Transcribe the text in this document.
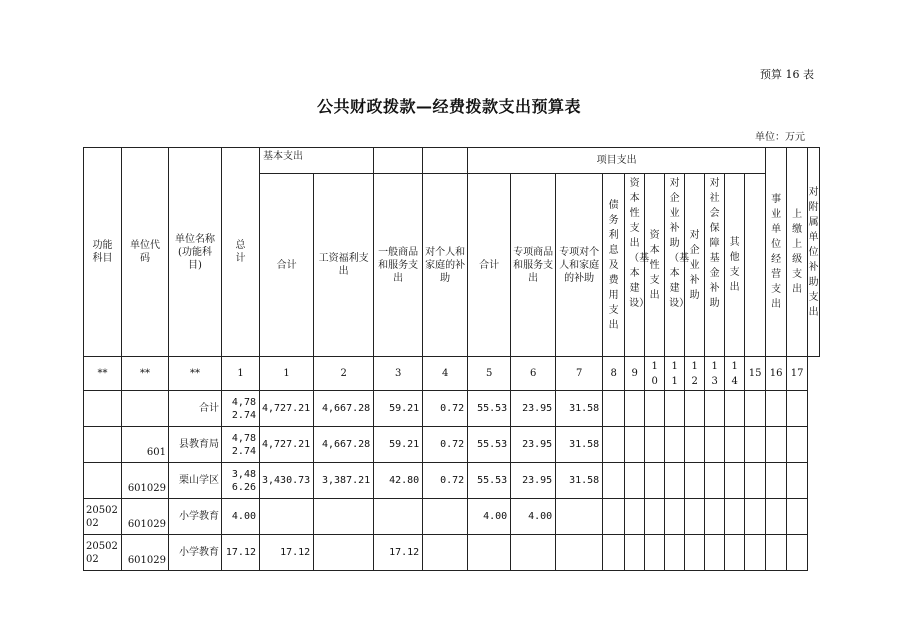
预算 16 表
公共财政拨款—经费拨款支出预算表
单位：万元
功能科目	单位代码	单位名称(功能科目)	总计	基本支出				项目支出											事业单位经营支出	上缴上级支出	对附属单位补助支出
				合计	工资福利支出	一般商品和服务支出	对个人和家庭的补助	合计	专项商品和服务支出	专项对个人和家庭的补助	债务利息及费用支出	资本性支出（基本建设）	资本性支出	对企业补助（基本建设）	对企业补助	对社会保障基金补助	其他支出				
**	**	**	1	1	2	3	4	5	6	7	8	9	10	11	12	13	14	15	16	17	
		合计	4,782.74	4,727.21	4,667.28	59.21	0.72	55.53	23.95	31.58											
	601	县教育局	4,782.74	4,727.21	4,667.28	59.21	0.72	55.53	23.95	31.58											
	601029	栗山学区	3,486.26	3,430.73	3,387.21	42.80	0.72	55.53	23.95	31.58											
20502 02	601029	小学教育	4.00					4.00	4.00												
20502 02	601029	小学教育	17.12	17.12		17.12															
